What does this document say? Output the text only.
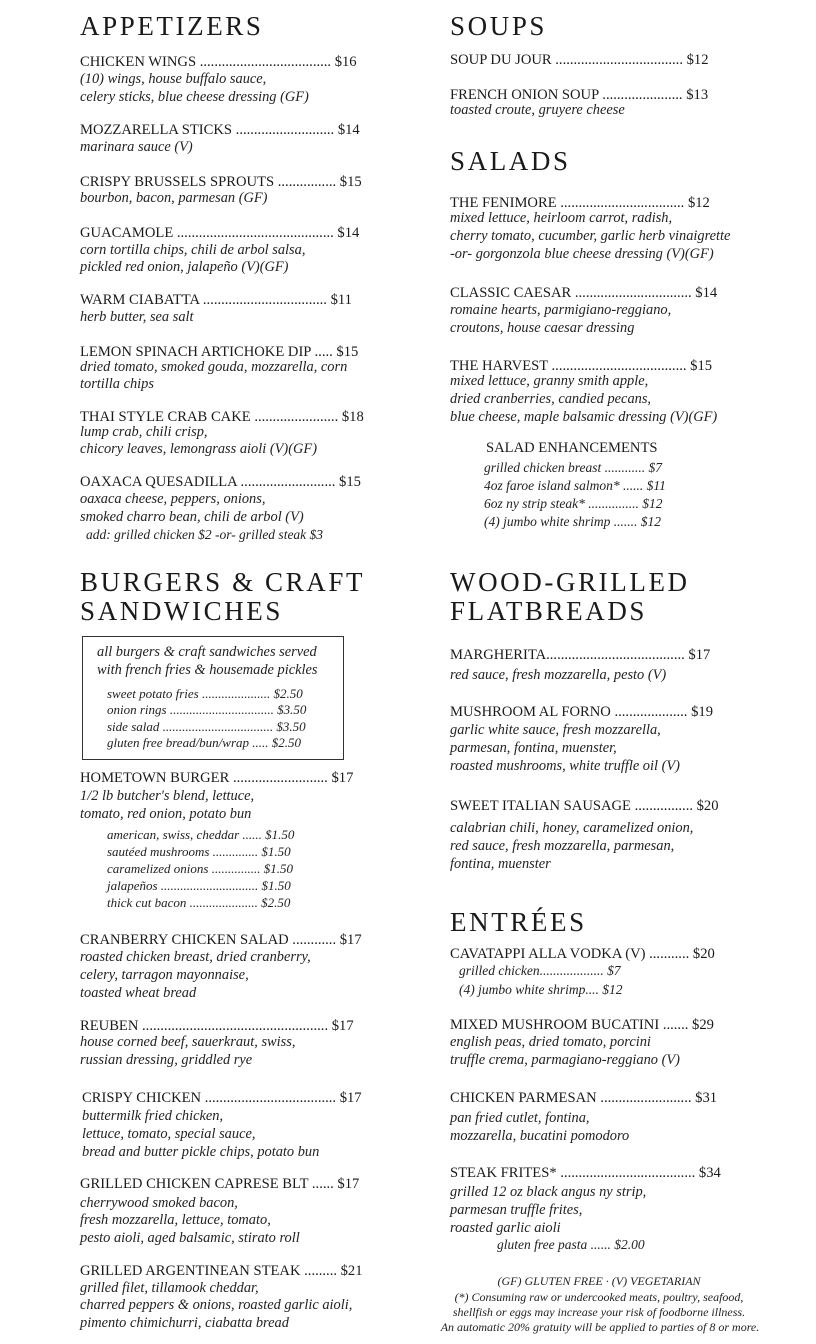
APPETIZERS
CHICKEN WINGS .................................... $16
(10) wings, house buffalo sauce,
celery sticks, blue cheese dressing (GF)
MOZZARELLA STICKS ........................... $14
marinara sauce (V)
CRISPY BRUSSELS SPROUTS ................ $15
bourbon, bacon, parmesan (GF)
GUACAMOLE ........................................... $14
corn tortilla chips, chili de arbol salsa,
pickled red onion, jalapeño (V)(GF)
WARM CIABATTA .................................. $11
herb butter, sea salt
LEMON SPINACH ARTICHOKE DIP ..... $15
dried tomato, smoked gouda, mozzarella, corn
tortilla chips
THAI STYLE CRAB CAKE ....................... $18
lump crab, chili crisp,
chicory leaves, lemongrass aioli (V)(GF)
OAXACA QUESADILLA .......................... $15
oaxaca cheese, peppers, onions,
smoked charro bean, chili de arbol (V)
add: grilled chicken $2 -or- grilled steak $3
BURGERS & CRAFT
SANDWICHES
all burgers & craft sandwiches served
with french fries & housemade pickles
sweet potato fries ..................... $2.50
onion rings ................................ $3.50
side salad .................................. $3.50
gluten free bread/bun/wrap ..... $2.50
HOMETOWN BURGER .......................... $17
1/2 lb butcher's blend, lettuce,
tomato, red onion, potato bun
american, swiss, cheddar ...... $1.50
sautéed mushrooms .............. $1.50
caramelized onions ............... $1.50
jalapeños .............................. $1.50
thick cut bacon ..................... $2.50
CRANBERRY CHICKEN SALAD ............ $17
roasted chicken breast, dried cranberry,
celery, tarragon mayonnaise,
toasted wheat bread
REUBEN ................................................... $17
house corned beef, sauerkraut, swiss,
russian dressing, griddled rye
CRISPY CHICKEN .................................... $17
buttermilk fried chicken,
lettuce, tomato, special sauce,
bread and butter pickle chips, potato bun
GRILLED CHICKEN CAPRESE BLT ...... $17
cherrywood smoked bacon,
fresh mozzarella, lettuce, tomato,
pesto aioli, aged balsamic, stirato roll
GRILLED ARGENTINEAN STEAK ......... $21
grilled filet, tillamook cheddar,
charred peppers & onions, roasted garlic aioli,
pimento chimichurri, ciabatta bread
SOUPS
SOUP DU JOUR ................................... $12
FRENCH ONION SOUP ...................... $13
toasted croute, gruyere cheese
SALADS
THE FENIMORE .................................. $12
mixed lettuce, heirloom carrot, radish,
cherry tomato, cucumber, garlic herb vinaigrette
-or- gorgonzola blue cheese dressing (V)(GF)
CLASSIC CAESAR ................................ $14
romaine hearts, parmigiano-reggiano,
croutons, house caesar dressing
THE HARVEST ..................................... $15
mixed lettuce, granny smith apple,
dried cranberries, candied pecans,
blue cheese, maple balsamic dressing (V)(GF)
SALAD ENHANCEMENTS
grilled chicken breast ............ $7
4oz faroe island salmon* ...... $11
6oz ny strip steak* ............... $12
(4) jumbo white shrimp ....... $12
WOOD-GRILLED
FLATBREADS
MARGHERITA...................................... $17
red sauce, fresh mozzarella, pesto (V)
MUSHROOM AL FORNO .................... $19
garlic white sauce, fresh mozzarella,
parmesan, fontina, muenster,
roasted mushrooms, white truffle oil (V)
SWEET ITALIAN SAUSAGE ................ $20
calabrian chili, honey, caramelized onion,
red sauce, fresh mozzarella, parmesan,
fontina, muenster
ENTRÉES
CAVATAPPI ALLA VODKA (V) ........... $20
grilled chicken................... $7
(4) jumbo white shrimp.... $12
MIXED MUSHROOM BUCATINI ....... $29
english peas, dried tomato, porcini
truffle crema, parmagiano-reggiano (V)
CHICKEN PARMESAN ......................... $31
pan fried cutlet, fontina,
mozzarella, bucatini pomodoro
STEAK FRITES* ..................................... $34
grilled 12 oz black angus ny strip,
parmesan truffle frites,
roasted garlic aioli
gluten free pasta ...... $2.00
(GF) GLUTEN FREE · (V) VEGETARIAN
(*) Consuming raw or undercooked meats, poultry, seafood,
shellfish or eggs may increase your risk of foodborne illness.
An automatic 20% gratuity will be applied to parties of 8 or more.
